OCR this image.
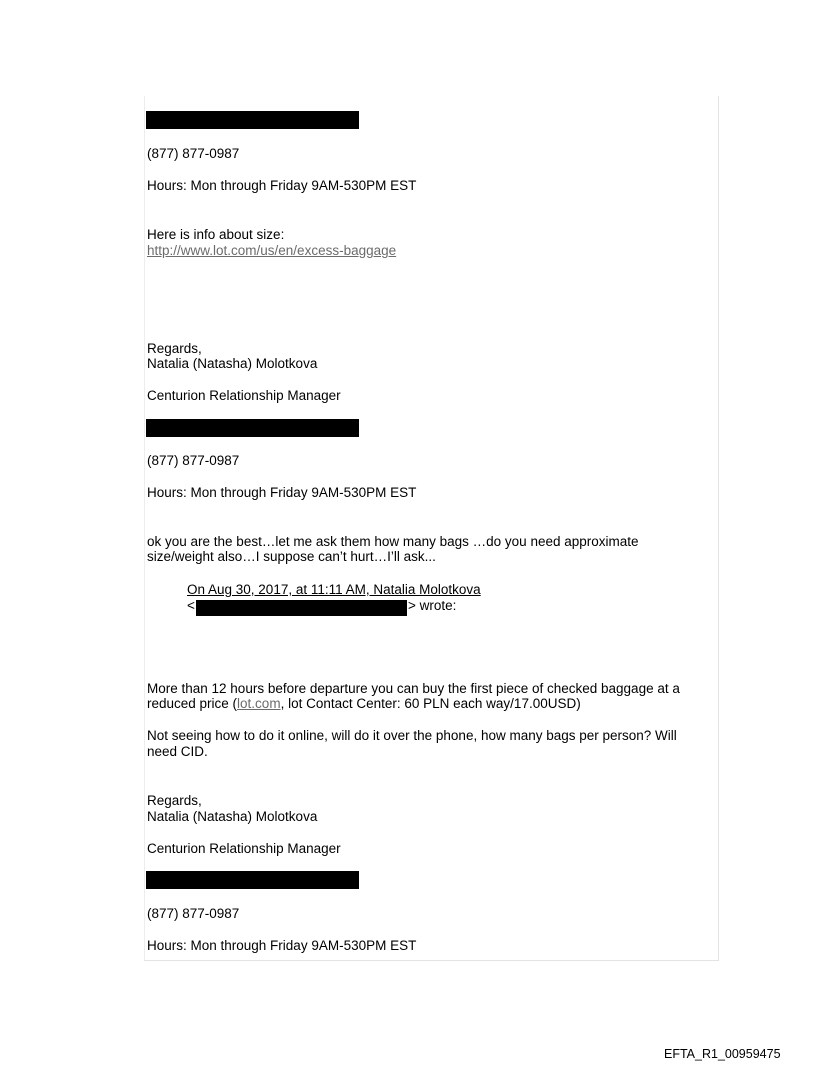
(877) 877-0987
Hours: Mon through Friday 9AM-530PM EST
Here is info about size:
http://www.lot.com/us/en/excess-baggage
Regards,
Natalia (Natasha) Molotkova
Centurion Relationship Manager
(877) 877-0987
Hours: Mon through Friday 9AM-530PM EST
ok you are the best…let me ask them how many bags …do you need approximate
size/weight also…I suppose can’t hurt…I’ll ask...
On Aug 30, 2017, at 11:11 AM, Natalia Molotkova
<	> wrote:
More than 12 hours before departure you can buy the first piece of checked baggage at a
reduced price (lot.com, lot Contact Center: 60 PLN each way/17.00USD)
Not seeing how to do it online, will do it over the phone, how many bags per person? Will
need CID.
Regards,
Natalia (Natasha) Molotkova
Centurion Relationship Manager
(877) 877-0987
Hours: Mon through Friday 9AM-530PM EST
EFTA_R1_00959475
